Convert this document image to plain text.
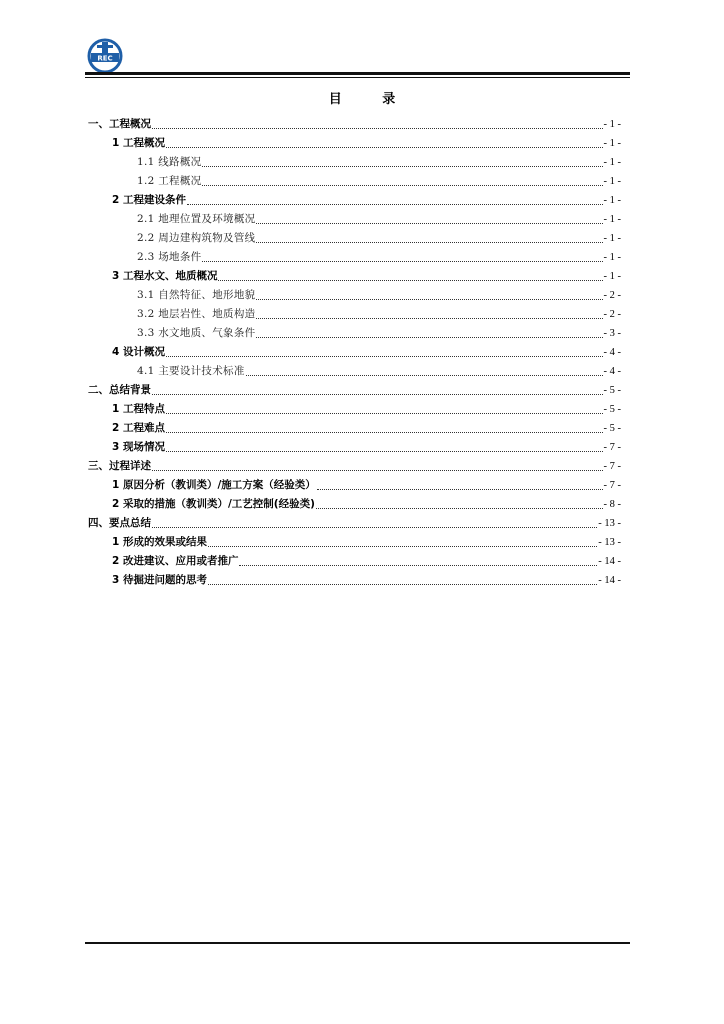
REC
目 录
一、工程概况	- 1 -
1 工程概况	- 1 -
1.1 线路概况	- 1 -
1.2 工程概况	- 1 -
2 工程建设条件	- 1 -
2.1 地理位置及环境概况	- 1 -
2.2 周边建构筑物及管线	- 1 -
2.3 场地条件	- 1 -
3 工程水文、地质概况	- 1 -
3.1 自然特征、地形地貌	- 2 -
3.2 地层岩性、地质构造	- 2 -
3.3 水文地质、气象条件	- 3 -
4 设计概况	- 4 -
4.1 主要设计技术标准	- 4 -
二、总结背景	- 5 -
1 工程特点	- 5 -
2 工程难点	- 5 -
3 现场情况	- 7 -
三、过程详述	- 7 -
1 原因分析（教训类）/施工方案（经验类）	- 7 -
2 采取的措施（教训类）/工艺控制(经验类)	- 8 -
四、要点总结	- 13 -
1 形成的效果或结果	- 13 -
2 改进建议、应用或者推广	- 14 -
3 待掘进问题的思考	- 14 -
